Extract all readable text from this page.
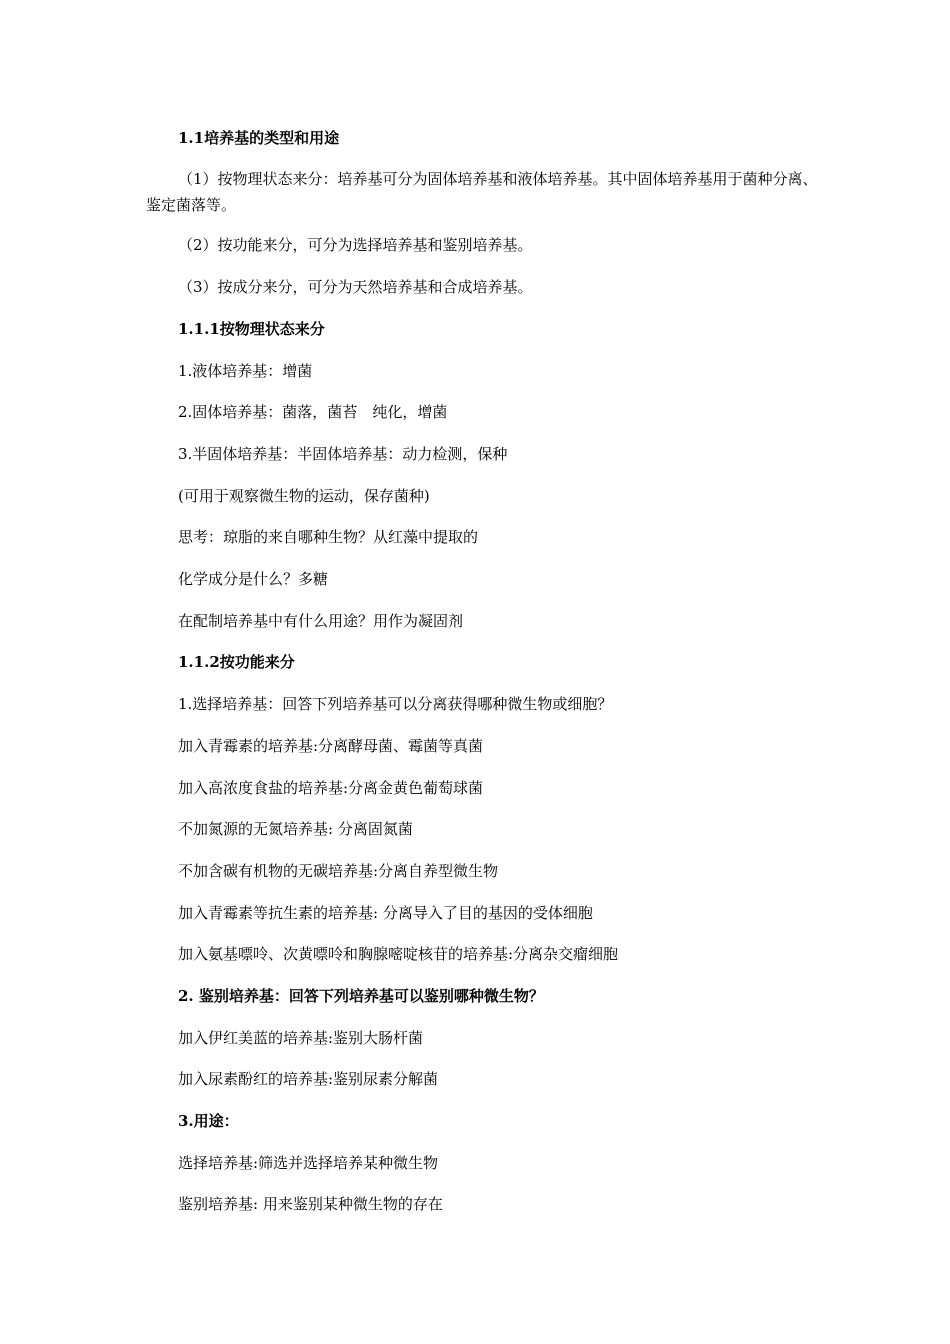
1.1培养基的类型和用途

（1）按物理状态来分：培养基可分为固体培养基和液体培养基。其中固体培养基用于菌种分离、鉴定菌落等。

（2）按功能来分，可分为选择培养基和鉴别培养基。

（3）按成分来分，可分为天然培养基和合成培养基。

1.1.1按物理状态来分

1.液体培养基：增菌

2.固体培养基：菌落，菌苔　纯化，增菌

3.半固体培养基：半固体培养基：动力检测，保种

(可用于观察微生物的运动，保存菌种)

思考：琼脂的来自哪种生物？从红藻中提取的

化学成分是什么？多糖

在配制培养基中有什么用途？用作为凝固剂

1.1.2按功能来分

1.选择培养基：回答下列培养基可以分离获得哪种微生物或细胞？

加入青霉素的培养基:分离酵母菌、霉菌等真菌

加入高浓度食盐的培养基:分离金黄色葡萄球菌

不加氮源的无氮培养基: 分离固氮菌

不加含碳有机物的无碳培养基:分离自养型微生物

加入青霉素等抗生素的培养基: 分离导入了目的基因的受体细胞

加入氨基嘌呤、次黄嘌呤和胸腺嘧啶核苷的培养基:分离杂交瘤细胞

2. 鉴别培养基：回答下列培养基可以鉴别哪种微生物？

加入伊红美蓝的培养基:鉴别大肠杆菌

加入尿素酚红的培养基:鉴别尿素分解菌

3.用途：

选择培养基:筛选并选择培养某种微生物

鉴别培养基: 用来鉴别某种微生物的存在
